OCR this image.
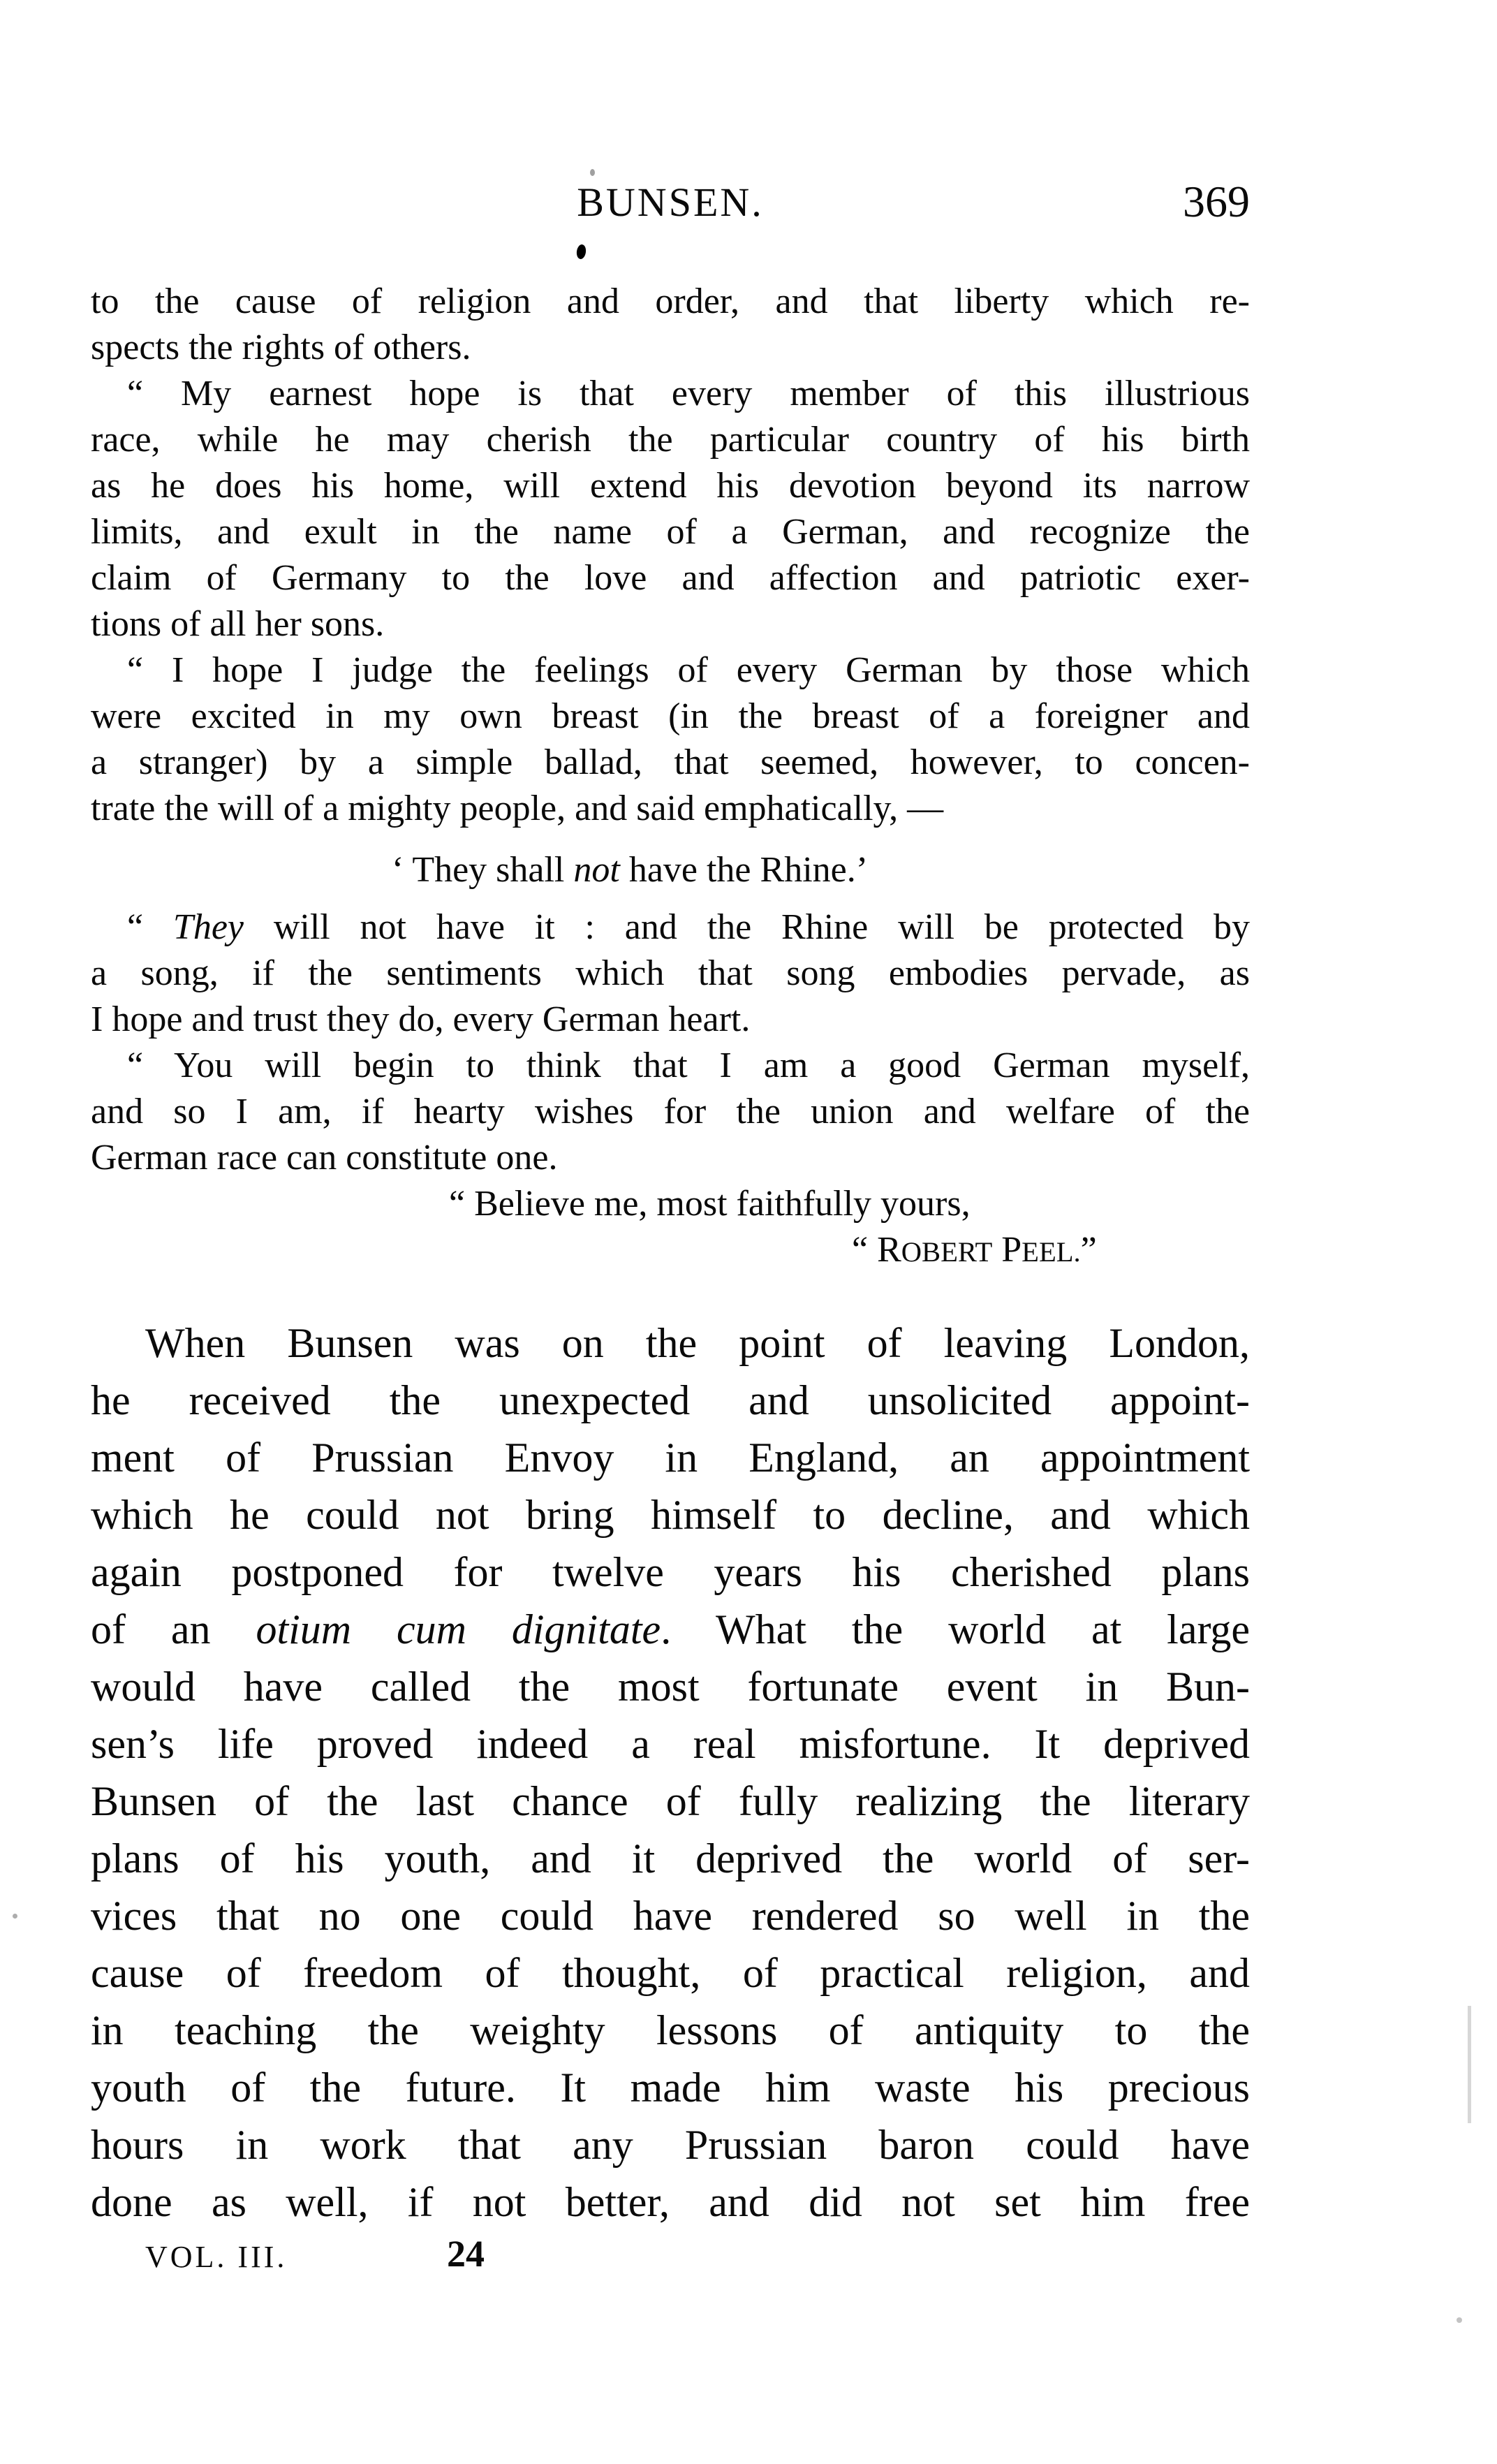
BUNSEN.	369
to the cause of religion and order, and that liberty which re-
spects the rights of others.
“ My earnest hope is that every member of this illustrious
race, while he may cherish the particular country of his birth
as he does his home, will extend his devotion beyond its narrow
limits, and exult in the name of a German, and recognize the
claim of Germany to the love and affection and patriotic exer-
tions of all her sons.
“ I hope I judge the feelings of every German by those which
were excited in my own breast (in the breast of a foreigner and
a stranger) by a simple ballad, that seemed, however, to concen-
trate the will of a mighty people, and said emphatically, —
‘ They shall not have the Rhine.’
“ They will not have it : and the Rhine will be protected by
a song, if the sentiments which that song embodies pervade, as
I hope and trust they do, every German heart.
“ You will begin to think that I am a good German myself,
and so I am, if hearty wishes for the union and welfare of the
German race can constitute one.
“ Believe me, most faithfully yours,
“ ROBERT PEEL.”
When Bunsen was on the point of leaving London,
he received the unexpected and unsolicited appoint-
ment of Prussian Envoy in England, an appointment
which he could not bring himself to decline, and which
again postponed for twelve years his cherished plans
of an otium cum dignitate. What the world at large
would have called the most fortunate event in Bun-
sen’s life proved indeed a real misfortune. It deprived
Bunsen of the last chance of fully realizing the literary
plans of his youth, and it deprived the world of ser-
vices that no one could have rendered so well in the
cause of freedom of thought, of practical religion, and
in teaching the weighty lessons of antiquity to the
youth of the future. It made him waste his precious
hours in work that any Prussian baron could have
done as well, if not better, and did not set him free
VOL. III.	24
